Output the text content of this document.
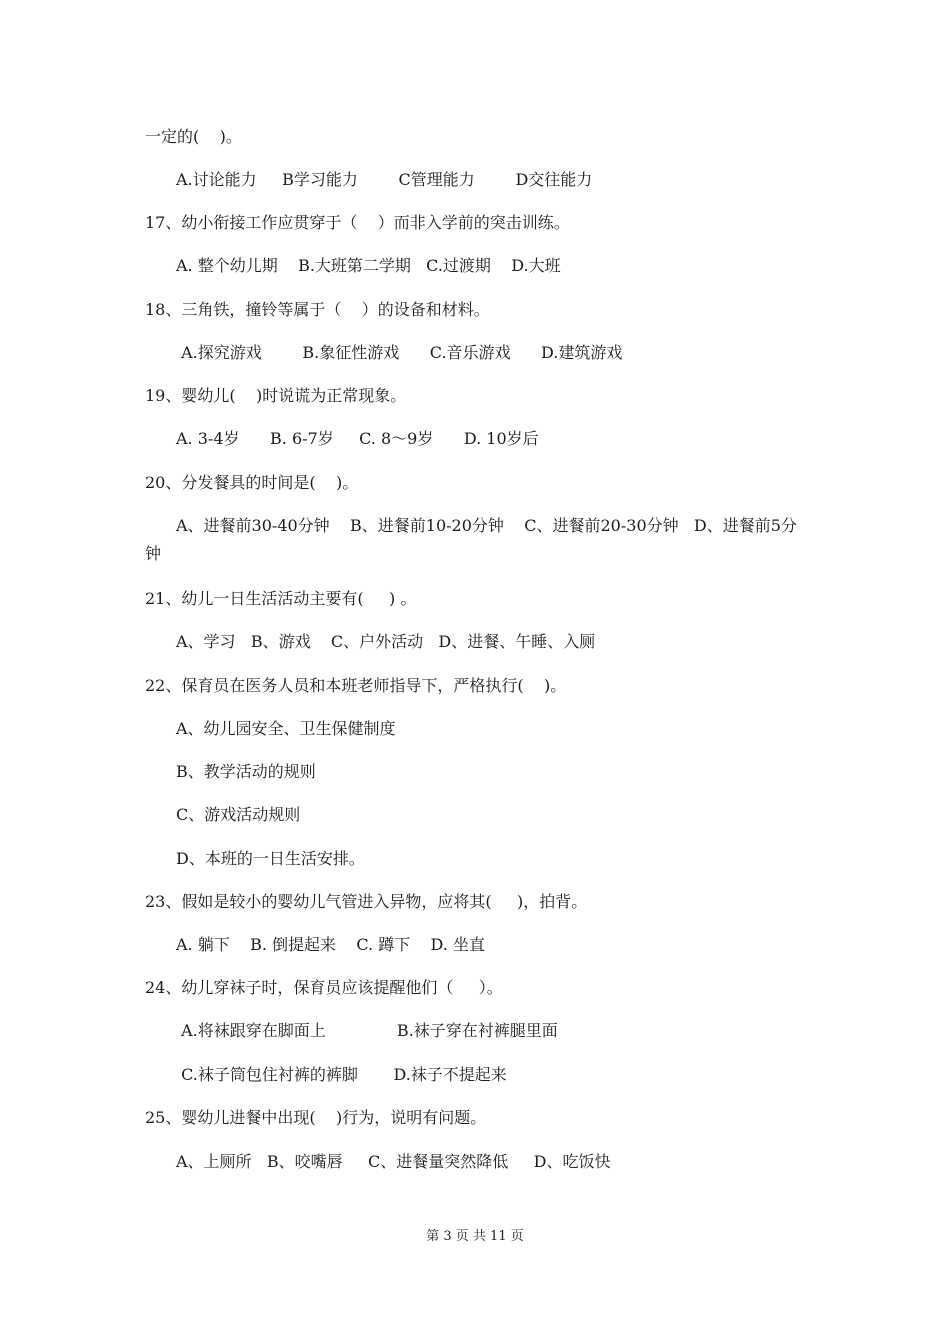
一定的(    )。
A.讨论能力     B学习能力        C管理能力        D交往能力
17、幼小衔接工作应贯穿于（    ）而非入学前的突击训练。
A. 整个幼儿期    B.大班第二学期   C.过渡期    D.大班
18、三角铁，撞铃等属于（    ）的设备和材料。
A.探究游戏        B.象征性游戏      C.音乐游戏      D.建筑游戏
19、婴幼儿(    )时说谎为正常现象。
A. 3-4岁      B. 6-7岁     C. 8～9岁      D. 10岁后
20、分发餐具的时间是(    )。
A、进餐前30-40分钟    B、进餐前10-20分钟    C、进餐前20-30分钟   D、进餐前5分
钟
21、幼儿一日生活活动主要有(     ) 。
A、学习   B、游戏    C、户外活动   D、进餐、午睡、入厕
22、保育员在医务人员和本班老师指导下，严格执行(    )。
A、幼儿园安全、卫生保健制度
B、教学活动的规则
C、游戏活动规则
D、本班的一日生活安排。
23、假如是较小的婴幼儿气管进入异物，应将其(     )，拍背。
A. 躺下    B. 倒提起来    C. 蹲下    D. 坐直
24、幼儿穿袜子时，保育员应该提醒他们（     ）。
A.将袜跟穿在脚面上              B.袜子穿在衬裤腿里面
C.袜子筒包住衬裤的裤脚       D.袜子不提起来
25、婴幼儿进餐中出现(    )行为，说明有问题。
A、上厕所   B、咬嘴唇     C、进餐量突然降低     D、吃饭快
第 3 页 共 11 页
